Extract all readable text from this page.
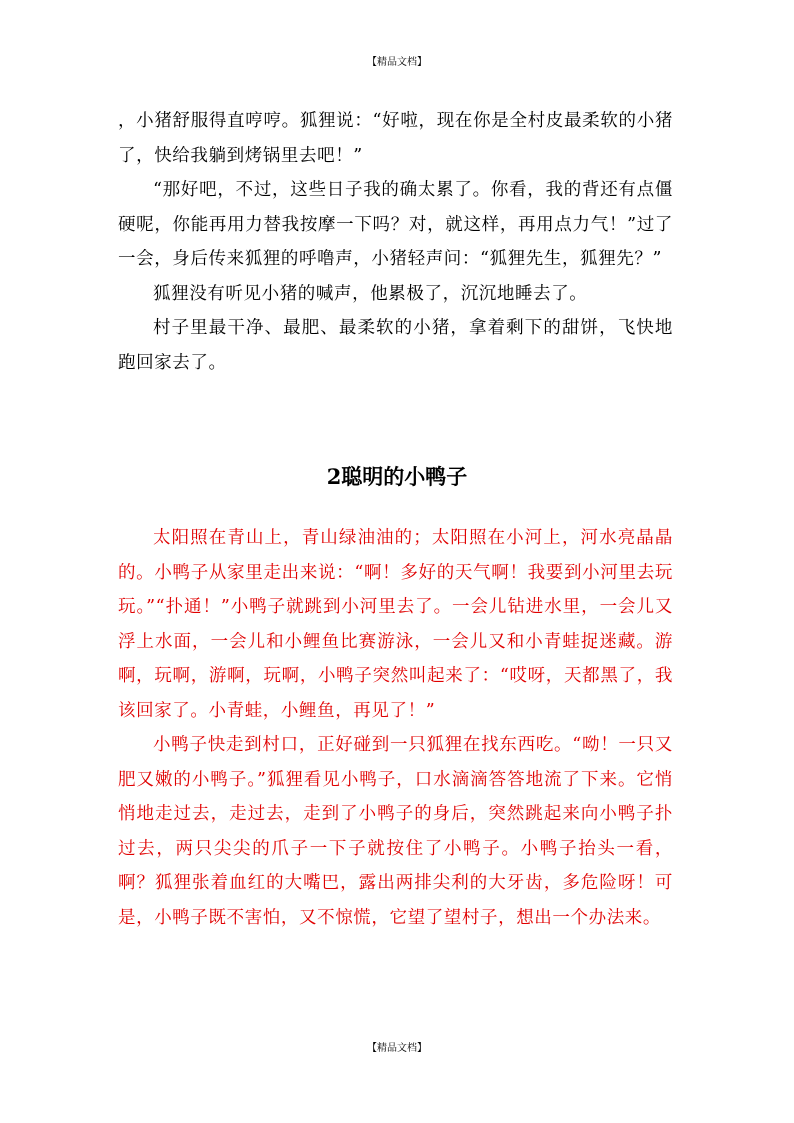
【精品文档】

，小猪舒服得直哼哼。狐狸说：“好啦，现在你是全村皮最柔软的小猪了，快给我躺到烤锅里去吧！”

“那好吧，不过，这些日子我的确太累了。你看，我的背还有点僵硬呢，你能再用力替我按摩一下吗？对，就这样，再用点力气！”过了一会，身后传来狐狸的呼噜声，小猪轻声问：“狐狸先生，狐狸先？”

狐狸没有听见小猪的喊声，他累极了，沉沉地睡去了。

村子里最干净、最肥、最柔软的小猪，拿着剩下的甜饼，飞快地跑回家去了。

2聪明的小鸭子

太阳照在青山上，青山绿油油的；太阳照在小河上，河水亮晶晶的。小鸭子从家里走出来说：“啊！多好的天气啊！我要到小河里去玩玩。”“扑通！”小鸭子就跳到小河里去了。一会儿钻进水里，一会儿又浮上水面，一会儿和小鲤鱼比赛游泳，一会儿又和小青蛙捉迷藏。游啊，玩啊，游啊，玩啊，小鸭子突然叫起来了：“哎呀，天都黑了，我该回家了。小青蛙，小鲤鱼，再见了！”

小鸭子快走到村口，正好碰到一只狐狸在找东西吃。“呦！一只又肥又嫩的小鸭子。”狐狸看见小鸭子，口水滴滴答答地流了下来。它悄悄地走过去，走过去，走到了小鸭子的身后，突然跳起来向小鸭子扑过去，两只尖尖的爪子一下子就按住了小鸭子。小鸭子抬头一看，啊？狐狸张着血红的大嘴巴，露出两排尖利的大牙齿，多危险呀！可是，小鸭子既不害怕，又不惊慌，它望了望村子，想出一个办法来。

【精品文档】
